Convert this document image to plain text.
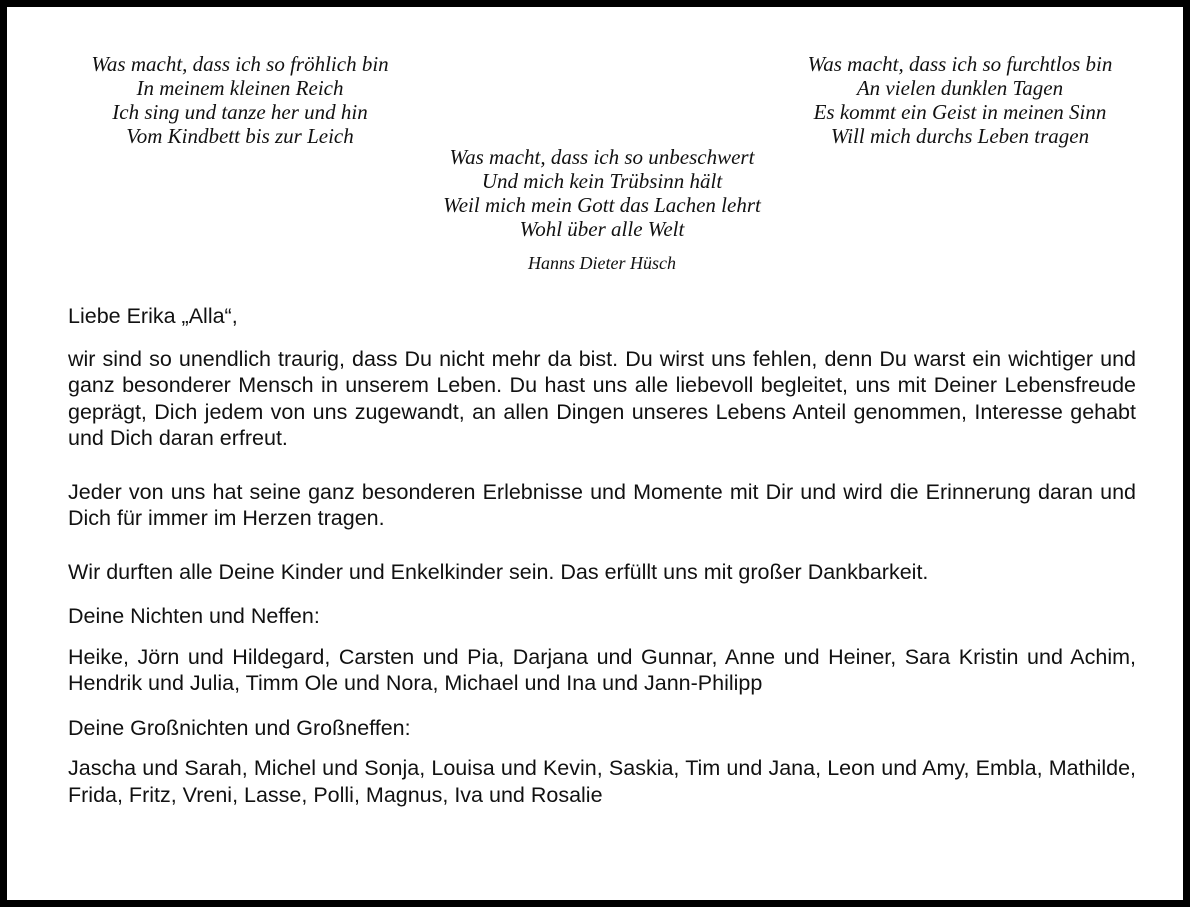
Was macht, dass ich so fröhlich bin
In meinem kleinen Reich
Ich sing und tanze her und hin
Vom Kindbett bis zur Leich
Was macht, dass ich so furchtlos bin
An vielen dunklen Tagen
Es kommt ein Geist in meinen Sinn
Will mich durchs Leben tragen
Was macht, dass ich so unbeschwert
Und mich kein Trübsinn hält
Weil mich mein Gott das Lachen lehrt
Wohl über alle Welt
Hanns Dieter Hüsch

Liebe Erika „Alla“,

wir sind so unendlich traurig, dass Du nicht mehr da bist. Du wirst uns fehlen, denn Du warst ein wichtiger und ganz besonderer Mensch in unserem Leben. Du hast uns alle liebevoll begleitet, uns mit Deiner Lebensfreude geprägt, Dich jedem von uns zugewandt, an allen Dingen unseres Lebens Anteil genommen, Interesse gehabt und Dich daran erfreut.

Jeder von uns hat seine ganz besonderen Erlebnisse und Momente mit Dir und wird die Erinnerung daran und Dich für immer im Herzen tragen.

Wir durften alle Deine Kinder und Enkelkinder sein. Das erfüllt uns mit großer Dankbarkeit.

Deine Nichten und Neffen:

Heike, Jörn und Hildegard, Carsten und Pia, Darjana und Gunnar, Anne und Heiner, Sara Kristin und Achim, Hendrik und Julia, Timm Ole und Nora, Michael und Ina und Jann-Philipp

Deine Großnichten und Großneffen:

Jascha und Sarah, Michel und Sonja, Louisa und Kevin, Saskia, Tim und Jana, Leon und Amy, Embla, Mathilde, Frida, Fritz, Vreni, Lasse, Polli, Magnus, Iva und Rosalie
